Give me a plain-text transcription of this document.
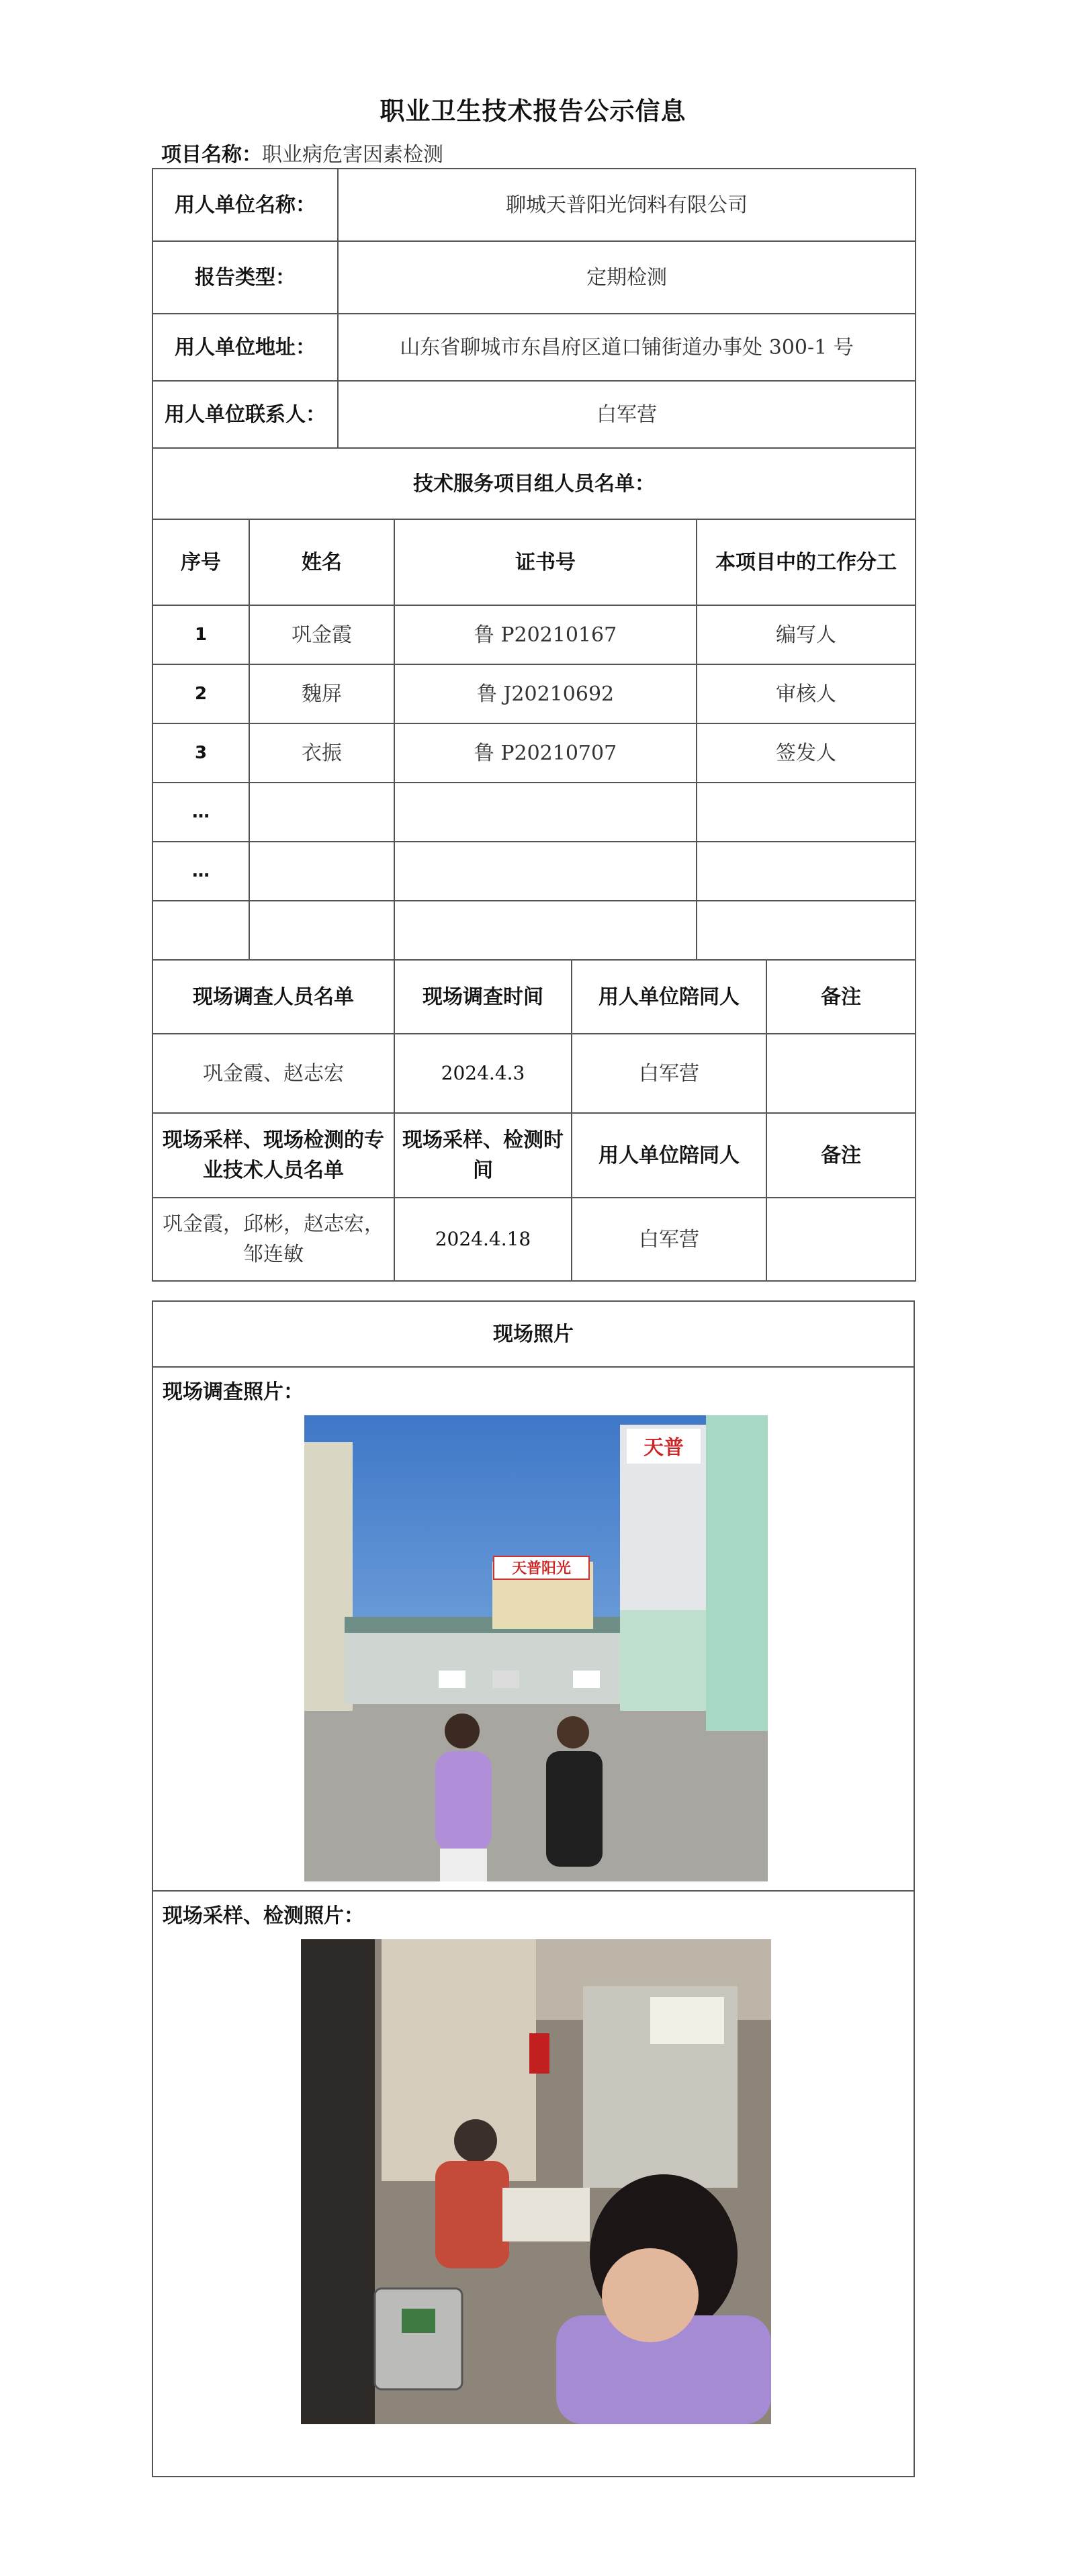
职业卫生技术报告公示信息
项目名称：职业病危害因素检测
用人单位名称：	聊城天普阳光饲料有限公司
报告类型：	定期检测
用人单位地址：	山东省聊城市东昌府区道口铺街道办事处 300-1 号
用人单位联系人：	白军营
技术服务项目组人员名单：	
序号	姓名	证书号	本项目中的工作分工
1	巩金霞	鲁 P20210167	编写人
2	魏屏	鲁 J20210692	审核人
3	衣振	鲁 P20210707	签发人
…			
…			

现场调查人员名单	现场调查时间	用人单位陪同人	备注
巩金霞、赵志宏	2024.4.3	白军营	
现场采样、现场检测的专业技术人员名单	现场采样、检测时间	用人单位陪同人	备注
巩金霞，邱彬，赵志宏，邹连敏	2024.4.18	白军营	
现场照片

现场调查照片：
天普阳光
天普

现场采样、检测照片：
